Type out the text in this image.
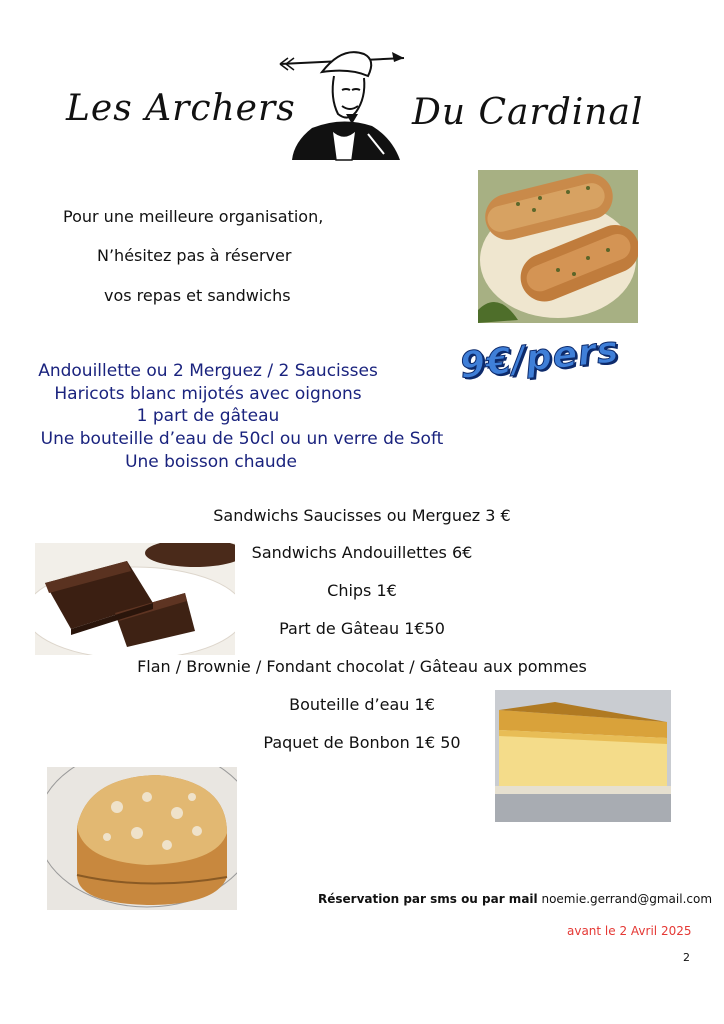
Les Archers	Du Cardinal
Pour une meilleure organisation,
N’hésitez pas à réserver
vos repas et sandwichs
Andouillette ou 2 Merguez / 2 Saucisses
Haricots blanc mijotés avec oignons
1 part de gâteau
Une bouteille d’eau de 50cl ou un verre de Soft
Une boisson chaude
9€/pers
Sandwichs Saucisses ou Merguez 3 €
Sandwichs Andouillettes 6€
Chips 1€
Part de Gâteau 1€50
Flan / Brownie / Fondant chocolat / Gâteau aux pommes
Bouteille d’eau 1€
Paquet de Bonbon 1€ 50
Réservation par sms ou par mail noemie.gerrand@gmail.com
avant le 2 Avril 2025
2
